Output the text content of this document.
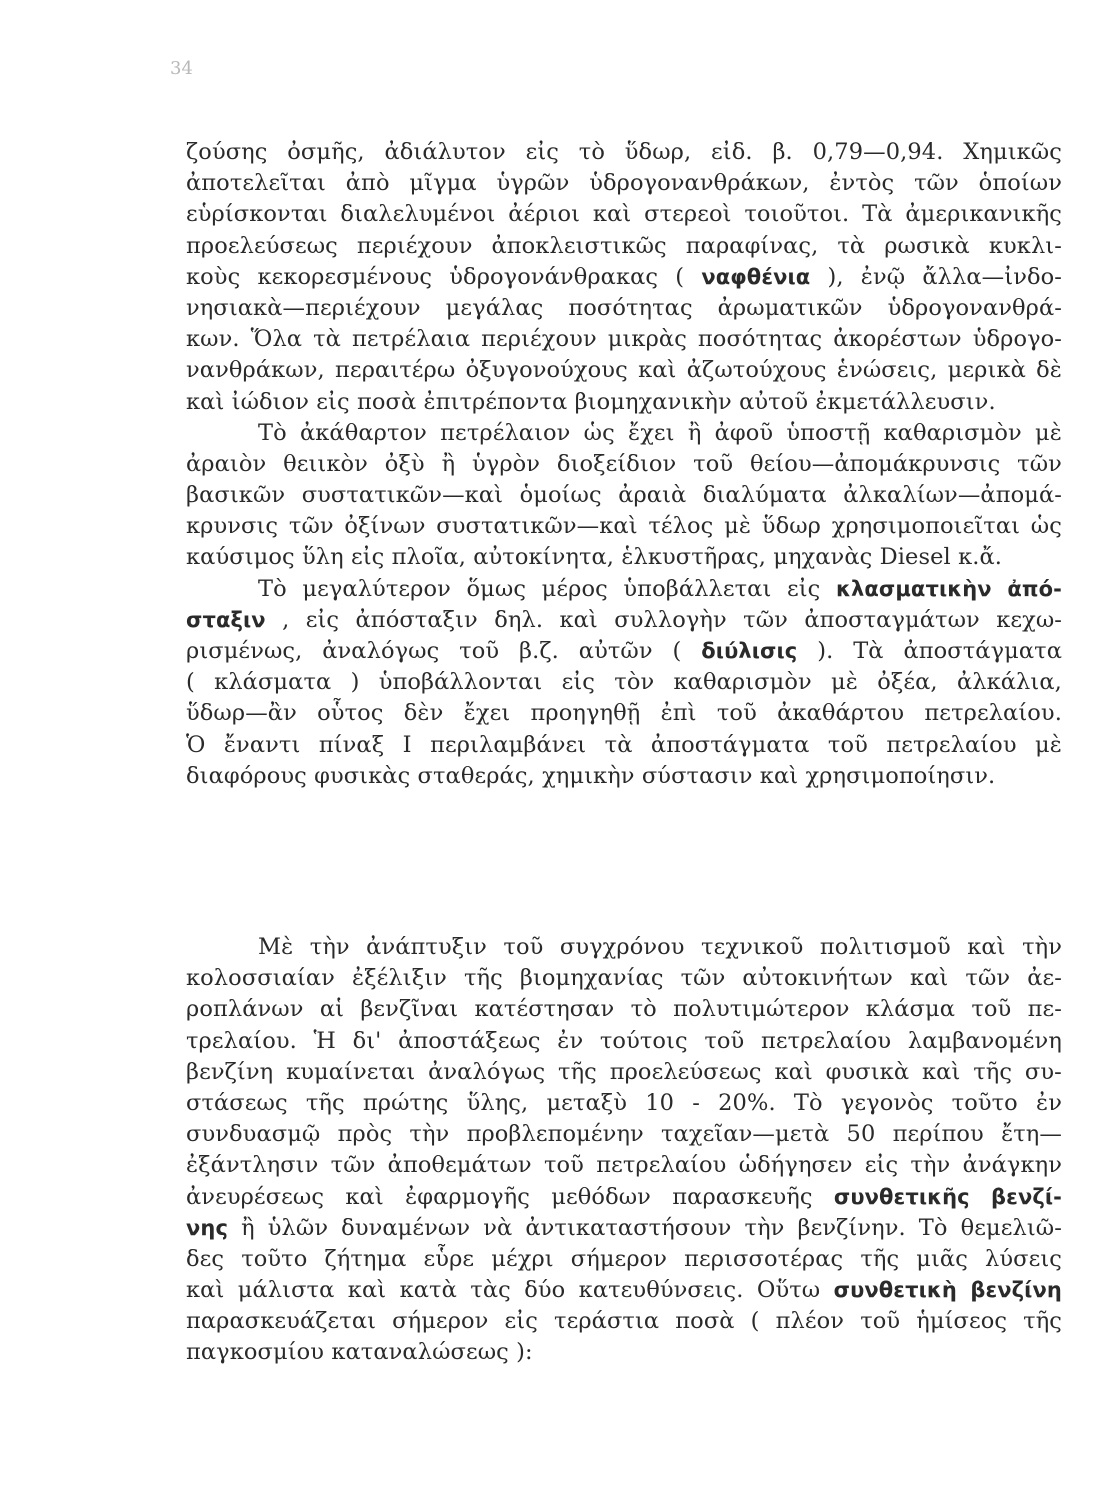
34
ζούσης ὀσμῆς, ἀδιάλυτον εἰς τὸ ὕδωρ, εἰδ. β. 0,79—0,94. Χημικῶς
ἀποτελεῖται ἀπὸ μῖγμα ὑγρῶν ὑδρογονανθράκων, ἐντὸς τῶν ὁποίων
εὑρίσκονται διαλελυμένοι ἀέριοι καὶ στερεοὶ τοιοῦτοι. Τὰ ἀμερικανικῆς
προελεύσεως περιέχουν ἀποκλειστικῶς παραφίνας, τὰ ρωσικὰ κυκλι-
κοὺς κεκορεσμένους ὑδρογονάνθρακας ( ναφθένια ), ἐνῷ ἄλλα—ἰνδο-
νησιακὰ—περιέχουν μεγάλας ποσότητας ἀρωματικῶν ὑδρογονανθρά-
κων. Ὅλα τὰ πετρέλαια περιέχουν μικρὰς ποσότητας ἀκορέστων ὑδρογο-
νανθράκων, περαιτέρω ὀξυγονούχους καὶ ἀζωτούχους ἑνώσεις, μερικὰ δὲ
καὶ
ἰώδιον
εἰς
ποσὰ
ἐπιτρέποντα
βιομηχανικὴν
αὐτοῦ
ἐκμετάλλευσιν.
Τὸ ἀκάθαρτον πετρέλαιον ὡς ἔχει ἢ ἀφοῦ ὑποστῇ καθαρισμὸν μὲ
ἀραιὸν θειικὸν ὀξὺ ἢ ὑγρὸν διοξείδιον τοῦ θείου—ἀπομάκρυνσις τῶν
βασικῶν συστατικῶν—καὶ ὁμοίως ἀραιὰ διαλύματα ἀλκαλίων—ἀπομά-
κρυνσις τῶν ὀξίνων συστατικῶν—καὶ τέλος μὲ ὕδωρ χρησιμοποιεῖται ὡς
καύσιμος
ὕλη
εἰς
πλοῖα,
αὐτοκίνητα,
ἑλκυστῆρας,
μηχανὰς
Diesel
κ.ἄ.
Τὸ μεγαλύτερον ὅμως μέρος ὑποβάλλεται εἰς κλασματικὴν ἀπό-
σταξιν , εἰς ἀπόσταξιν δηλ. καὶ συλλογὴν τῶν ἀποσταγμάτων κεχω-
ρισμένως, ἀναλόγως τοῦ β.ζ. αὐτῶν ( διύλισις ). Τὰ ἀποστάγματα
( κλάσματα ) ὑποβάλλονται εἰς τὸν καθαρισμὸν μὲ ὀξέα, ἀλκάλια,
ὕδωρ—ἂν οὗτος δὲν ἔχει προηγηθῇ ἐπὶ τοῦ ἀκαθάρτου πετρελαίου.
Ὁ ἔναντι πίναξ Ι περιλαμβάνει τὰ ἀποστάγματα τοῦ πετρελαίου μὲ
διαφόρους
φυσικὰς
σταθεράς,
χημικὴν
σύστασιν
καὶ
χρησιμοποίησιν.
Μὲ τὴν ἀνάπτυξιν τοῦ συγχρόνου τεχνικοῦ πολιτισμοῦ καὶ τὴν
κολοσσιαίαν ἐξέλιξιν τῆς βιομηχανίας τῶν αὐτοκινήτων καὶ τῶν ἀε-
ροπλάνων αἱ βενζῖναι κατέστησαν τὸ πολυτιμώτερον κλάσμα τοῦ πε-
τρελαίου. Ἡ δι' ἀποστάξεως ἐν τούτοις τοῦ πετρελαίου λαμβανομένη
βενζίνη κυμαίνεται ἀναλόγως τῆς προελεύσεως καὶ φυσικὰ καὶ τῆς συ-
στάσεως τῆς πρώτης ὕλης, μεταξὺ 10 - 20%. Τὸ γεγονὸς τοῦτο ἐν
συνδυασμῷ πρὸς τὴν προβλεπομένην ταχεῖαν—μετὰ 50 περίπου ἔτη—
ἐξάντλησιν τῶν ἀποθεμάτων τοῦ πετρελαίου ὡδήγησεν εἰς τὴν ἀνάγκην
ἀνευρέσεως καὶ ἐφαρμογῆς μεθόδων παρασκευῆς συνθετικῆς βενζί-
νης ἢ ὑλῶν δυναμένων νὰ ἀντικαταστήσουν τὴν βενζίνην. Τὸ θεμελιῶ-
δες τοῦτο ζήτημα εὗρε μέχρι σήμερον περισσοτέρας τῆς μιᾶς λύσεις
καὶ μάλιστα καὶ κατὰ τὰς δύο κατευθύνσεις. Οὕτω συνθετικὴ βενζίνη
παρασκευάζεται σήμερον εἰς τεράστια ποσὰ ( πλέον τοῦ ἡμίσεος τῆς
παγκοσμίου
καταναλώσεως
):
